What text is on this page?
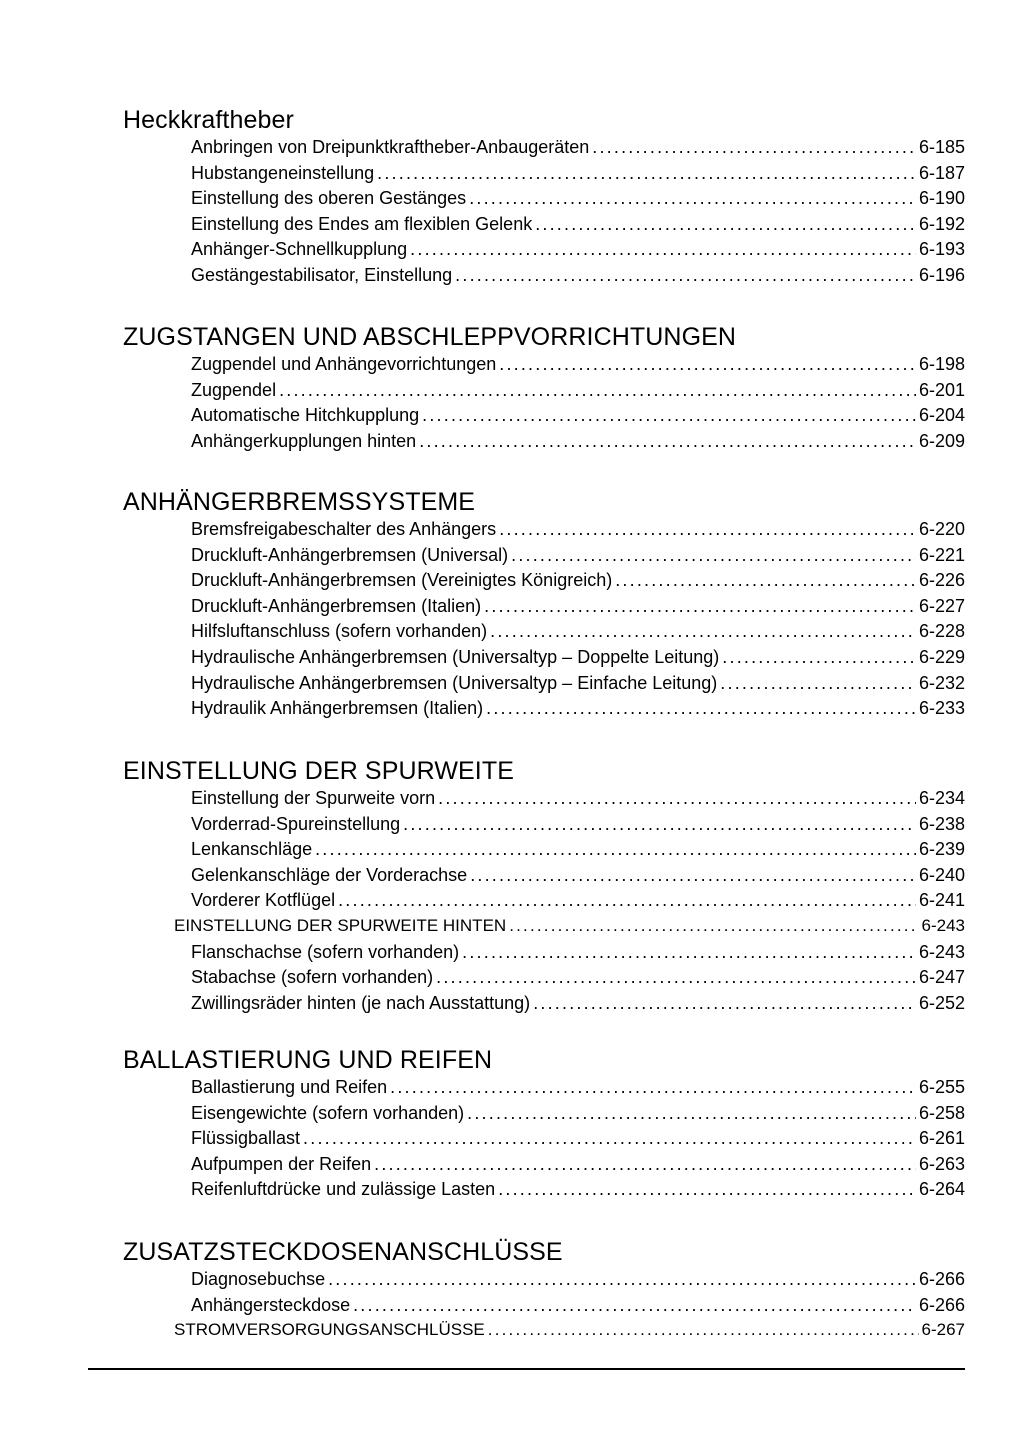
Heckkraftheber
Anbringen von Dreipunktkraftheber-Anbaugeräten .....	6-185
Hubstangeneinstellung .....	6-187
Einstellung des oberen Gestänges .....	6-190
Einstellung des Endes am flexiblen Gelenk .....	6-192
Anhänger-Schnellkupplung .....	6-193
Gestängestabilisator, Einstellung .....	6-196
ZUGSTANGEN UND ABSCHLEPPVORRICHTUNGEN
Zugpendel und Anhängevorrichtungen .....	6-198
Zugpendel .....	6-201
Automatische Hitchkupplung .....	6-204
Anhängerkupplungen hinten .....	6-209
ANHÄNGERBREMSSYSTEME
Bremsfreigabeschalter des Anhängers .....	6-220
Druckluft-Anhängerbremsen (Universal) .....	6-221
Druckluft-Anhängerbremsen (Vereinigtes Königreich) .....	6-226
Druckluft-Anhängerbremsen (Italien) .....	6-227
Hilfsluftanschluss (sofern vorhanden) .....	6-228
Hydraulische Anhängerbremsen (Universaltyp – Doppelte Leitung) .....	6-229
Hydraulische Anhängerbremsen (Universaltyp – Einfache Leitung) .....	6-232
Hydraulik Anhängerbremsen (Italien) .....	6-233
EINSTELLUNG DER SPURWEITE
Einstellung der Spurweite vorn .....	6-234
Vorderrad-Spureinstellung .....	6-238
Lenkanschläge .....	6-239
Gelenkanschläge der Vorderachse .....	6-240
Vorderer Kotflügel .....	6-241
EINSTELLUNG DER SPURWEITE HINTEN .....	6-243
Flanschachse (sofern vorhanden) .....	6-243
Stabachse (sofern vorhanden) .....	6-247
Zwillingsräder hinten (je nach Ausstattung) .....	6-252
BALLASTIERUNG UND REIFEN
Ballastierung und Reifen .....	6-255
Eisengewichte (sofern vorhanden) .....	6-258
Flüssigballast .....	6-261
Aufpumpen der Reifen .....	6-263
Reifenluftdrücke und zulässige Lasten .....	6-264
ZUSATZSTECKDOSENANSCHLÜSSE
Diagnosebuchse .....	6-266
Anhängersteckdose .....	6-266
STROMVERSORGUNGSANSCHLÜSSE .....	6-267
